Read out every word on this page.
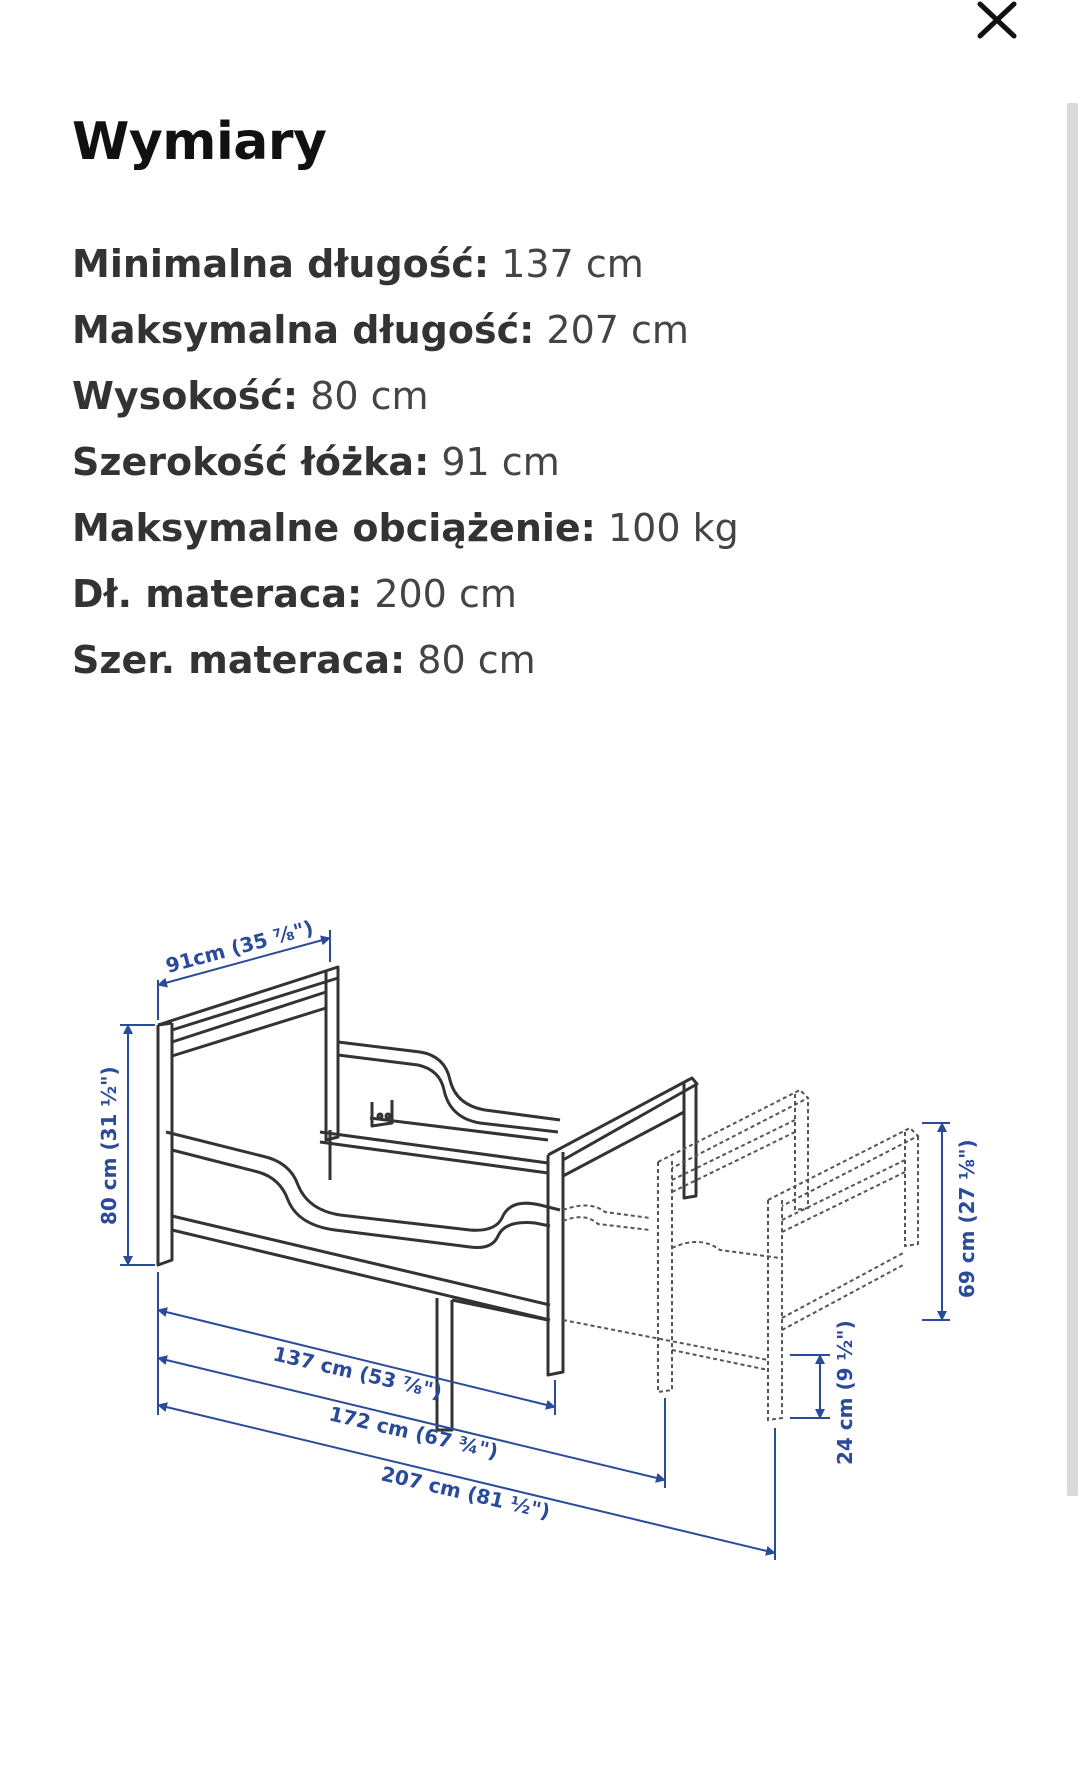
Wymiary
Minimalna długość: 137 cm
Maksymalna długość: 207 cm
Wysokość: 80 cm
Szerokość łóżka: 91 cm
Maksymalne obciążenie: 100 kg
Dł. materaca: 200 cm
Szer. materaca: 80 cm
91cm (35 ⅞")
80 cm (31 ½")
137 cm (53 ⅞")
172 cm (67 ¾")
207 cm (81 ½")
69 cm (27 ⅛")
24 cm (9 ½")
